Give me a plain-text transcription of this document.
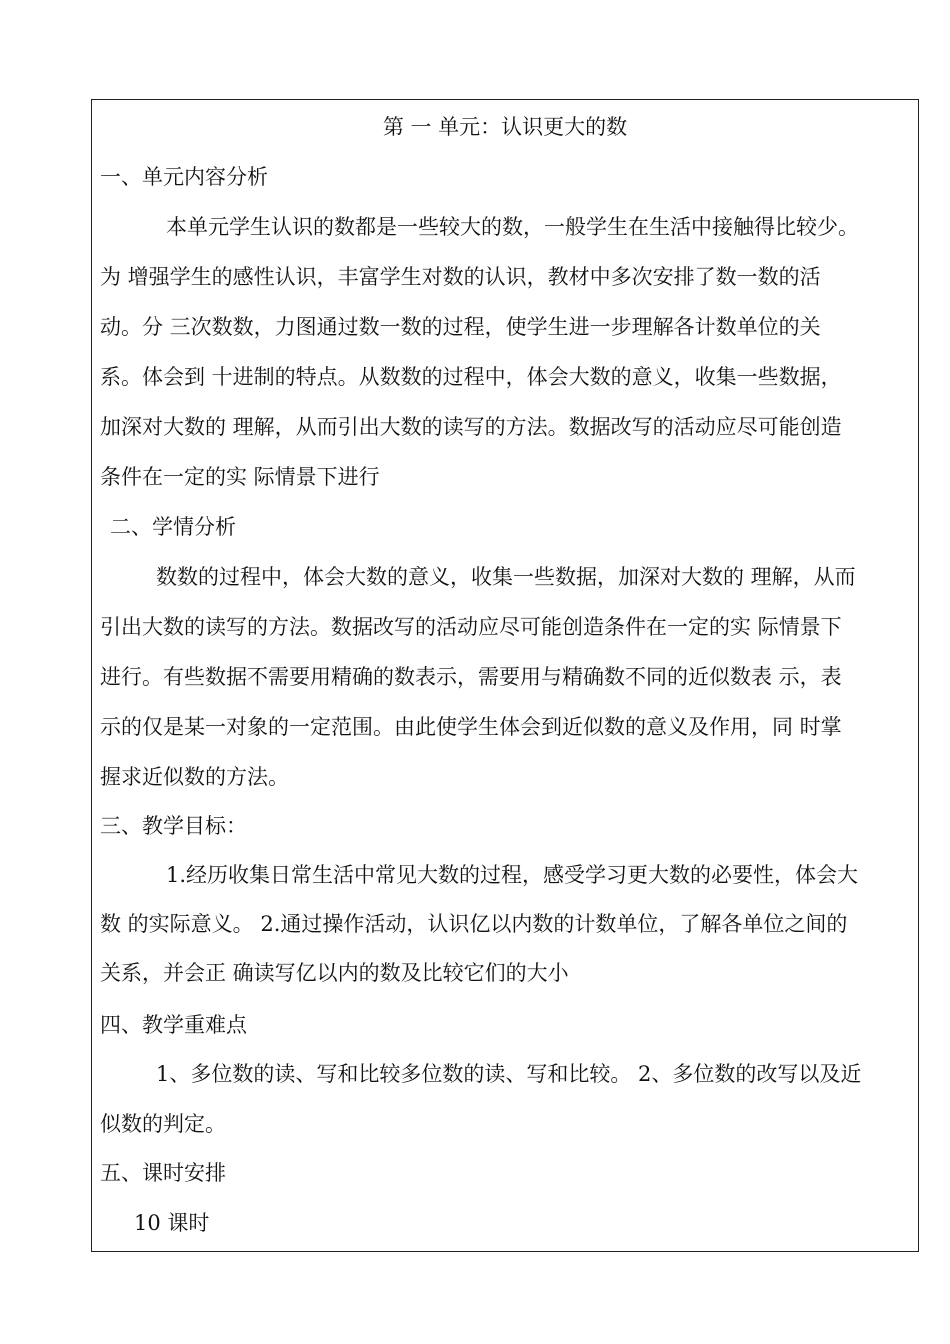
第 一 单元：认识更大的数
一、单元内容分析
本单元学生认识的数都是一些较大的数，一般学生在生活中接触得比较少。
为 增强学生的感性认识，丰富学生对数的认识，教材中多次安排了数一数的活
动。分 三次数数，力图通过数一数的过程，使学生进一步理解各计数单位的关
系。体会到 十进制的特点。从数数的过程中，体会大数的意义，收集一些数据，
加深对大数的 理解，从而引出大数的读写的方法。数据改写的活动应尽可能创造
条件在一定的实 际情景下进行
二、学情分析
数数的过程中，体会大数的意义，收集一些数据，加深对大数的 理解，从而
引出大数的读写的方法。数据改写的活动应尽可能创造条件在一定的实 际情景下
进行。有些数据不需要用精确的数表示，需要用与精确数不同的近似数表 示，表
示的仅是某一对象的一定范围。由此使学生体会到近似数的意义及作用，同 时掌
握求近似数的方法。
三、教学目标：
1.经历收集日常生活中常见大数的过程，感受学习更大数的必要性，体会大
数 的实际意义。 2.通过操作活动，认识亿以内数的计数单位，了解各单位之间的
关系，并会正 确读写亿以内的数及比较它们的大小
四、教学重难点
1、多位数的读、写和比较多位数的读、写和比较。 2、多位数的改写以及近
似数的判定。
五、课时安排
10 课时
